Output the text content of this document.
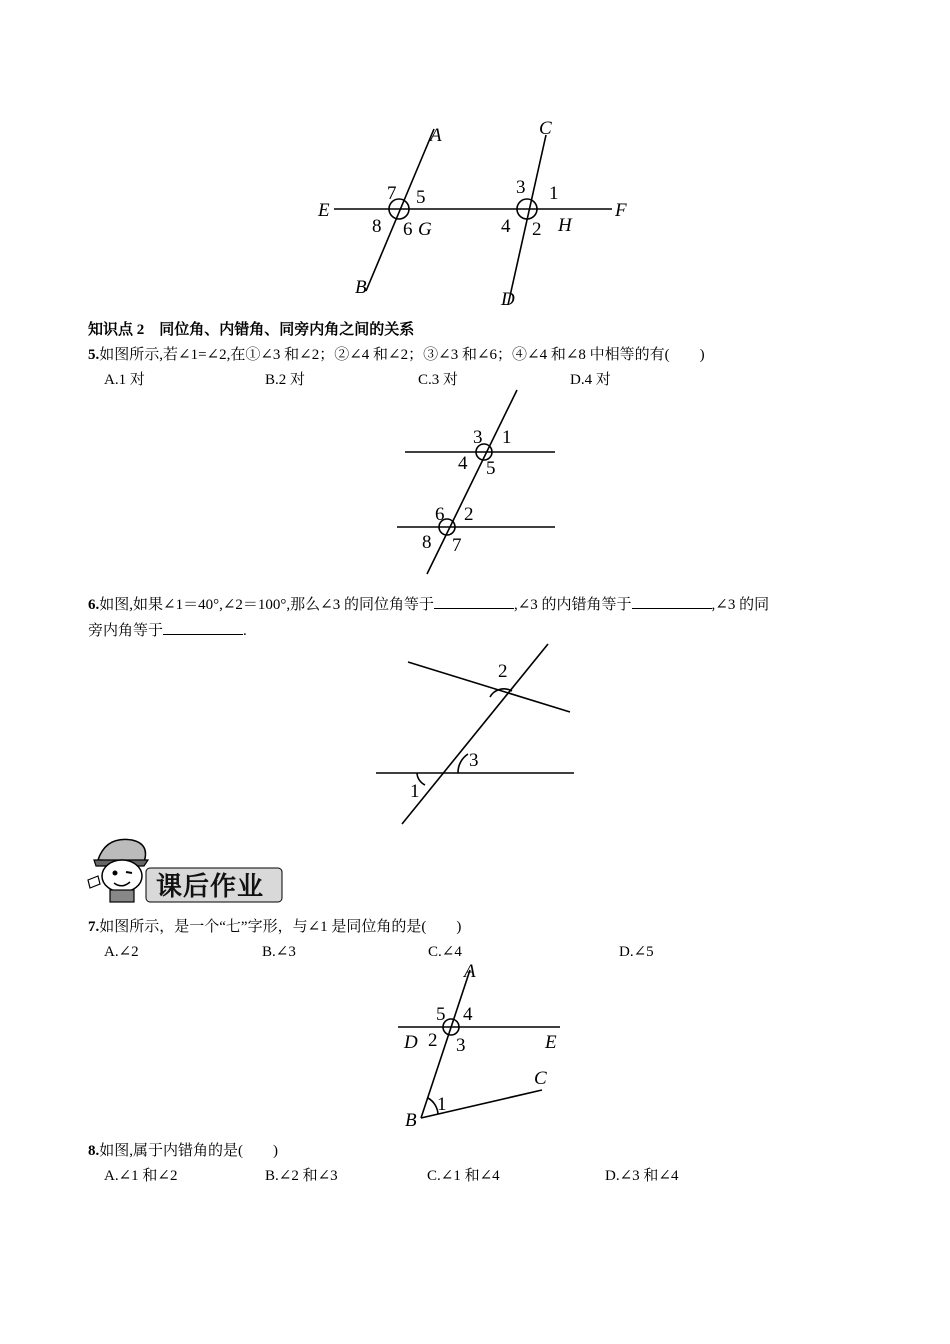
A
B
C
D
E	F
G	H
7 5
8 6
3 1
4 2
知识点 2　同位角、内错角、同旁内角之间的关系
5.如图所示,若∠1=∠2,在①∠3 和∠2；②∠4 和∠2；③∠3 和∠6；④∠4 和∠8 中相等的有( )
A.1 对	B.2 对	C.3 对	D.4 对
3 1
4 5
6 2
8 7
6.如图,如果∠1＝40°,∠2＝100°,那么∠3 的同位角等于	,∠3 的内错角等于	,∠3 的同
旁内角等于	.
2
3
1
课后作业
7.如图所示，是一个“七”字形，与∠1 是同位角的是( )
A.∠2	B.∠3	C.∠4	D.∠5
A
D	E
C
B
5 4
2 3
1
8.如图,属于内错角的是( )
A.∠1 和∠2	B.∠2 和∠3	C.∠1 和∠4	D.∠3 和∠4
